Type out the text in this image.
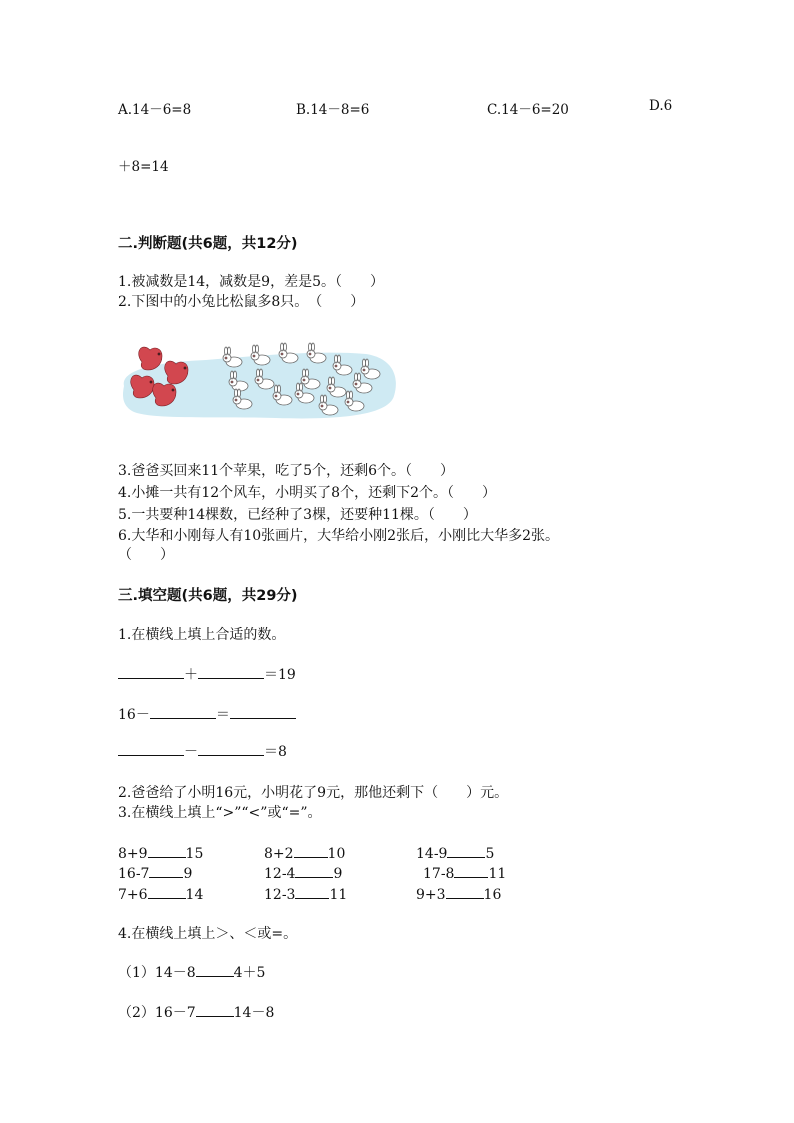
A.14－6=8	B.14－8=6	C.14－6=20	D.6
＋8=14
二.判断题(共6题，共12分)
1.被减数是14，减数是9，差是5。（　　）
2.下图中的小兔比松鼠多8只。　（　　）
3.爸爸买回来11个苹果，吃了5个，还剩6个。（　　）
4.小摊一共有12个风车，小明买了8个，还剩下2个。（　　）
5.一共要种14棵数，已经种了3棵，还要种11棵。（　　）
6.大华和小刚每人有10张画片，大华给小刚2张后，小刚比大华多2张。
（　　）
三.填空题(共6题，共29分)
1.在横线上填上合适的数。
＋	＝19
16－	＝
－	＝8
2.爸爸给了小明16元，小明花了9元，那他还剩下（　　）元。
3.在横线上填上“>”“<”或“=”。
8+9	15	8+2 10	14-9	5
16-7 9	12-4	9	17-8 11
7+6	14	12-3 11	9+3	16
4.在横线上填上＞、＜或=。
（1）14－8	4＋5
（2）16－7	14－8
